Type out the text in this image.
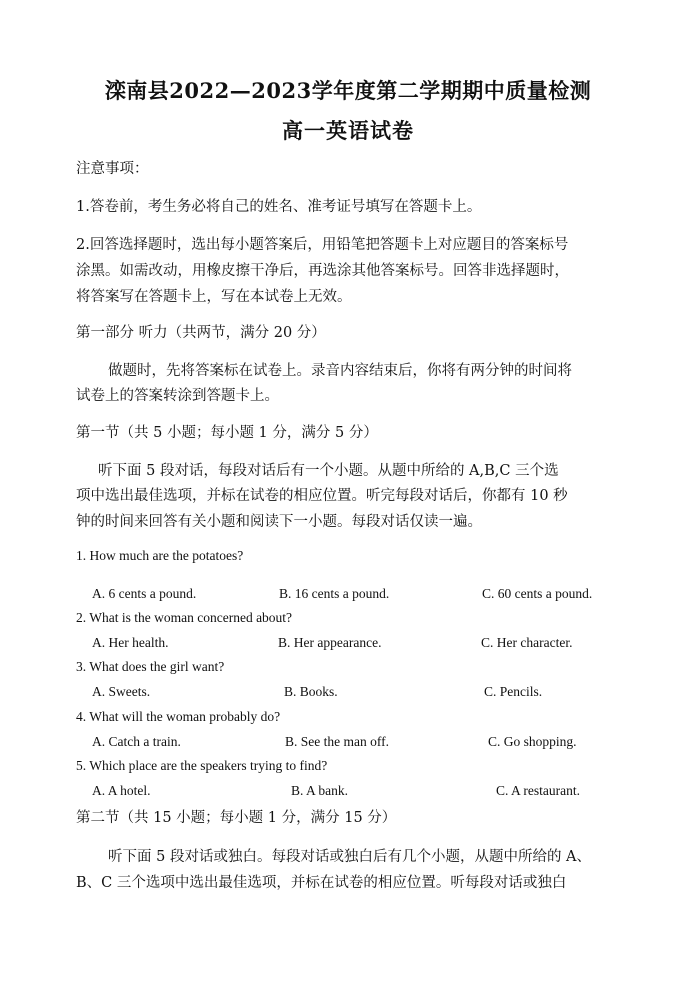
滦南县2022—2023学年度第二学期期中质量检测
高一英语试卷
注意事项：
1.答卷前，考生务必将自己的姓名、准考证号填写在答题卡上。
2.回答选择题时，选出每小题答案后，用铅笔把答题卡上对应题目的答案标号
涂黑。如需改动，用橡皮擦干净后，再选涂其他答案标号。回答非选择题时，
将答案写在答题卡上，写在本试卷上无效。
第一部分 听力（共两节，满分 20 分）
做题时，先将答案标在试卷上。录音内容结束后，你将有两分钟的时间将
试卷上的答案转涂到答题卡上。
第一节（共 5 小题；每小题 1 分，满分 5 分）
听下面 5 段对话，每段对话后有一个小题。从题中所给的 A,B,C 三个选
项中选出最佳选项，并标在试卷的相应位置。听完每段对话后，你都有 10 秒
钟的时间来回答有关小题和阅读下一小题。每段对话仅读一遍。
1. How much are the potatoes?
A. 6 cents a pound.	B. 16 cents a pound.	C. 60 cents a pound.
2. What is the woman concerned about?
A. Her health.	B. Her appearance.	C. Her character.
3. What does the girl want?
A. Sweets.	B. Books.	C. Pencils.
4. What will the woman probably do?
A. Catch a train.	B. See the man off.	C. Go shopping.
5. Which place are the speakers trying to find?
A. A hotel.	B. A bank.	C. A restaurant.
第二节（共 15 小题；每小题 1 分，满分 15 分）
听下面 5 段对话或独白。每段对话或独白后有几个小题，从题中所给的 A、
B、C 三个选项中选出最佳选项，并标在试卷的相应位置。听每段对话或独白
